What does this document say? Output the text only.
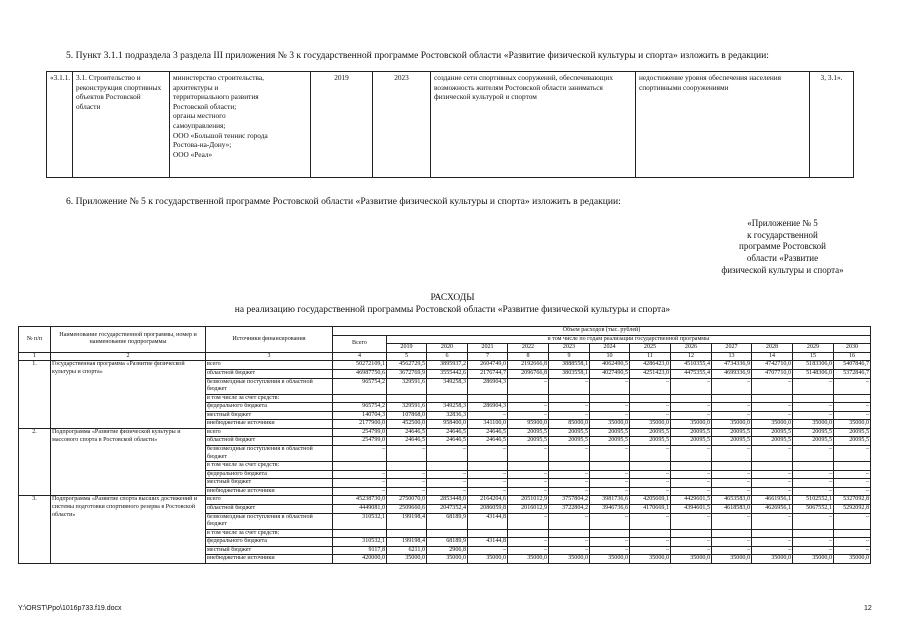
5. Пункт 3.1.1 подраздела 3 раздела III приложения № 3 к государственной программе Ростовской области «Развитие физической культуры и спорта» изложить в редакции:
«3.1.1.	3.1. Строительство и реконструкция спортивных объектов Ростовской области	
министерство строительства,
архитектуры и
территориального развития
Ростовской области;
органы местного
самоуправления;
ООО «Большой теннис города
Ростова-на-Дону»;
ООО «Реал»
	2019	2023	создание сети спортивных сооружений, обеспечивающих возможность жителям Ростовской области заниматься физической культурой и спортом	недостижение уровня обеспечения населения спортивными сооружениями	3, 3.1».
6. Приложение № 5 к государственной программе Ростовской области «Развитие физической культуры и спорта» изложить в редакции:
«Приложение № 5
к государственной
программе Ростовской
области «Развитие
физической культуры и спорта»
РАСХОДЫ
на реализацию государственной программы Ростовской области «Развитие физической культуры и спорта»
№ п/п	Наименование государственной программы, номер и наименование подпрограммы	Источники финансирования	Объем расходов (тыс. рублей)												
			Всего	в том числе по годам реализации государственной программы											
				2019	2020	2021	2022	2023	2024	2025	2026	2027	2028	2029	2030
1	2	3	4	5	6	7	8	9	10	11	12	13	14	15	16
1.	Государственная программа «Развитие физической культуры и спорта»	всего	50272109,1	4562729,5	3895937,2	2604749,0	2192666,8	3888558,1	4062490,5	4286423,0	4510355,4	4734336,9	4742710,0	5183306,0	5407846,7
		областной бюджет	46987750,6	3672769,9	3555442,6	2176744,7	2096766,8	3803558,1	4027490,5	4251423,0	4475355,4	4699336,9	4707710,0	5148306,0	5372846,7
		безвозмездные поступления в областной бюджет	965754,2	329591,6	349258,3	286904,3	–	–	–	–	–	–	–	–	–
		в том числе за счет средств:													
		федерального бюджета	965754,2	329591,6	349258,3	286904,3	–	–	–	–	–	–	–	–	–
		местный бюджет	140704,3	107868,0	32836,3	–	–	–	–	–	–	–	–	–	–
		внебюджетные источники	2177900,0	452500,0	958400,0	341100,0	95900,0	85000,0	35000,0	35000,0	35000,0	35000,0	35000,0	35000,0	35000,0
2.	Подпрограмма «Развитие физической культуры и массового спорта в Ростовской области»	всего	254799,0	24646,5	24646,5	24646,5	20095,5	20095,5	20095,5	20095,5	20095,5	20095,5	20095,5	20095,5	20095,5
		областной бюджет	254799,0	24646,5	24646,5	24646,5	20095,5	20095,5	20095,5	20095,5	20095,5	20095,5	20095,5	20095,5	20095,5
		безвозмездные поступления в областной бюджет	–	–	–	–	–	–	–	–	–	–	–	–	–
		в том числе за счет средств:													
		федерального бюджета	–	–	–	–	–	–	–	–	–	–	–	–	–
		местный бюджет	–	–	–	–	–	–	–	–	–	–	–	–	–
		внебюджетные источники	–	–	–	–	–	–	–	–	–	–	–	–	–
3.	Подпрограмма «Развитие спорта высших достижений и системы подготовки спортивного резерва в Ростовской области»	всего	45238730,0	2750070,0	2853448,0	2164204,6	2051012,9	3757804,2	3981736,6	4205669,1	4429601,5	4653583,0	4661956,1	5102552,1	5327092,8
		областной бюджет	4449081,0	2509660,6	2047352,4	2086059,8	2016012,9	3722804,2	3946736,6	4170669,1	4394601,5	4618583,0	4626956,1	5067552,1	5292092,8
		безвозмездные поступления в областной бюджет	310532,1	199198,4	68189,9	43144,8	–	–	–	–	–	–	–	–	–
		в том числе за счет средств:													
		федерального бюджета	310532,1	199198,4	68189,9	43144,8	–	–	–	–	–	–	–	–	–
		местный бюджет	9117,8	6211,0	2906,8	–	–	–	–	–	–	–	–	–	–
		внебюджетные источники	420000,0	35000,0	35000,0	35000,0	35000,0	35000,0	35000,0	35000,0	35000,0	35000,0	35000,0	35000,0	35000,0
Y:\ORST\Ppo\1016p733.f19.docx	12
